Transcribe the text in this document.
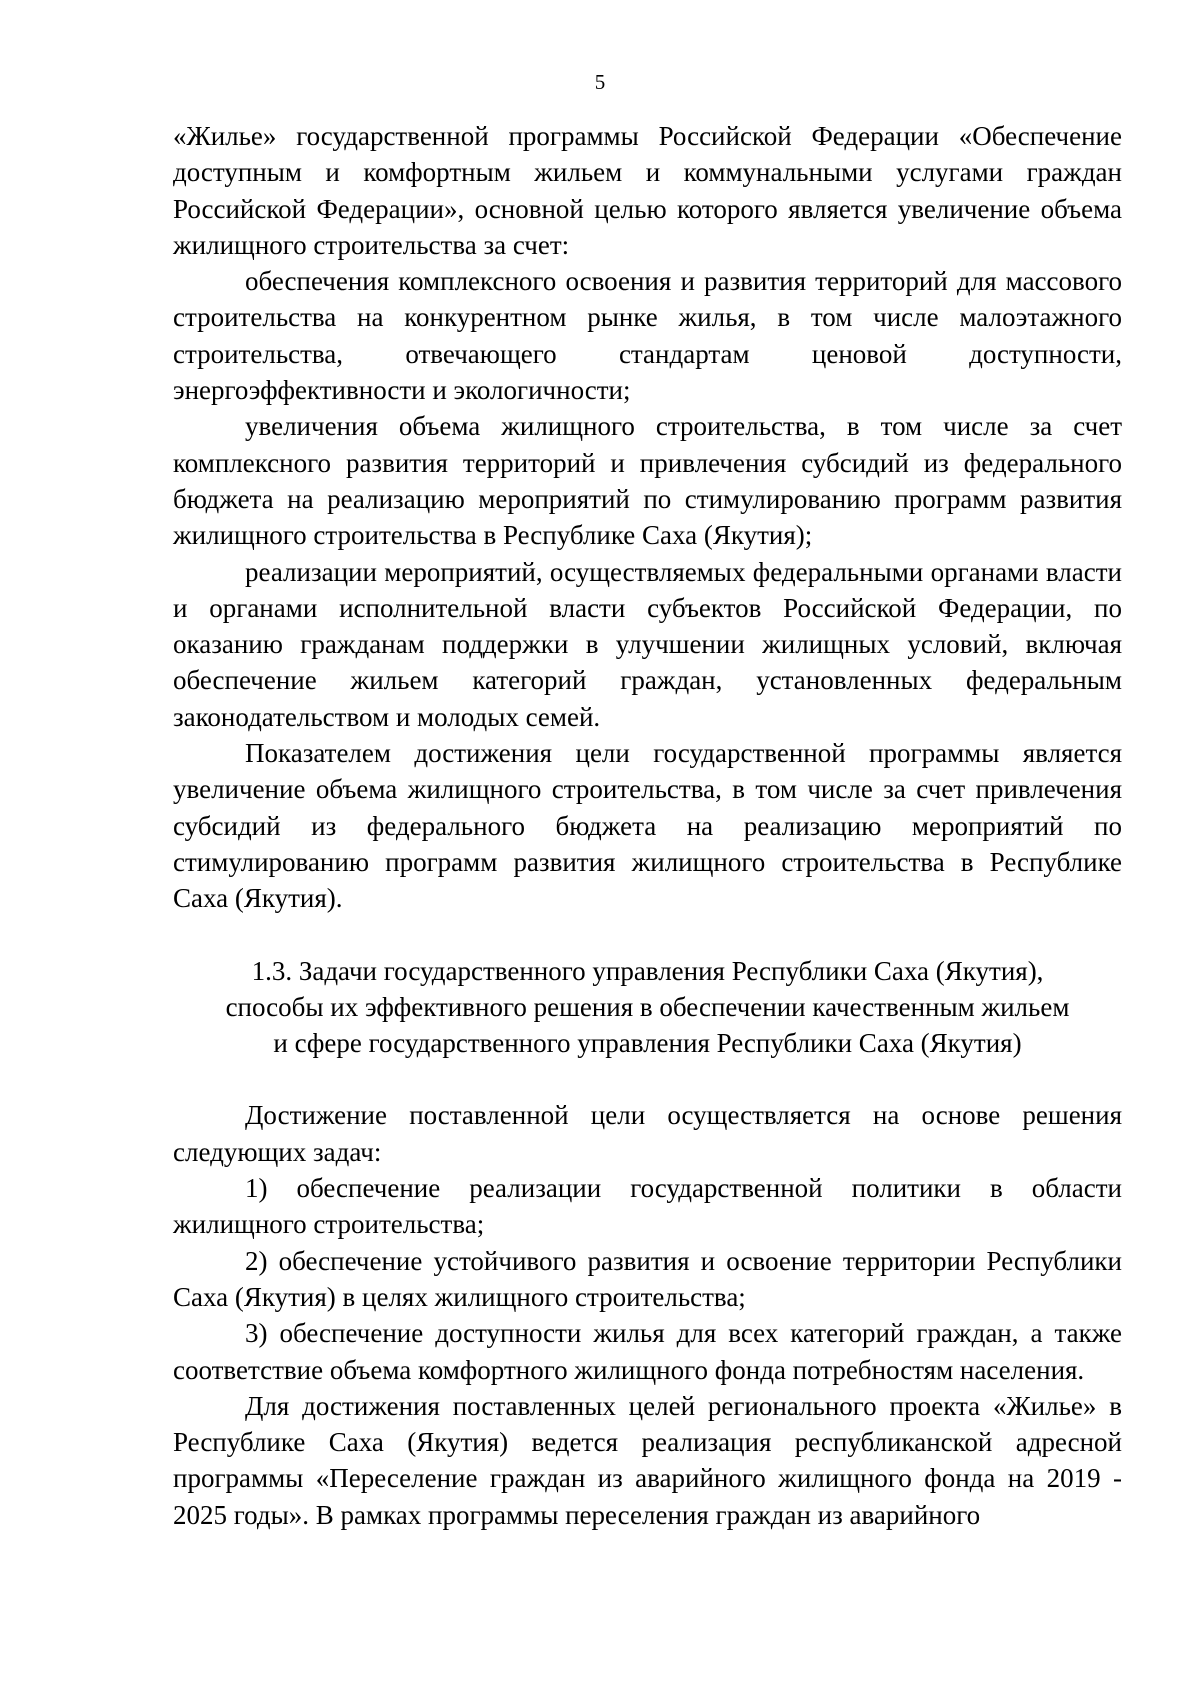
5

«Жилье» государственной программы Российской Федерации «Обеспечение доступным и комфортным жильем и коммунальными услугами граждан Российской Федерации», основной целью которого является увеличение объема жилищного строительства за счет:

обеспечения комплексного освоения и развития территорий для массового строительства на конкурентном рынке жилья, в том числе малоэтажного строительства, отвечающего стандартам ценовой доступности, энергоэффективности и экологичности;

увеличения объема жилищного строительства, в том числе за счет комплексного развития территорий и привлечения субсидий из федерального бюджета на реализацию мероприятий по стимулированию программ развития жилищного строительства в Республике Саха (Якутия);

реализации мероприятий, осуществляемых федеральными органами власти и органами исполнительной власти субъектов Российской Федерации, по оказанию гражданам поддержки в улучшении жилищных условий, включая обеспечение жильем категорий граждан, установленных федеральным законодательством и молодых семей.

Показателем достижения цели государственной программы является увеличение объема жилищного строительства, в том числе за счет привлечения субсидий из федерального бюджета на реализацию мероприятий по стимулированию программ развития жилищного строительства в Республике Саха (Якутия).

1.3. Задачи государственного управления Республики Саха (Якутия),
способы их эффективного решения в обеспечении качественным жильем
и сфере государственного управления Республики Саха (Якутия)

Достижение поставленной цели осуществляется на основе решения следующих задач:

1) обеспечение реализации государственной политики в области жилищного строительства;

2) обеспечение устойчивого развития и освоение территории Республики Саха (Якутия) в целях жилищного строительства;

3) обеспечение доступности жилья для всех категорий граждан, а также соответствие объема комфортного жилищного фонда потребностям населения.

Для достижения поставленных целей регионального проекта «Жилье» в Республике Саха (Якутия) ведется реализация республиканской адресной программы «Переселение граждан из аварийного жилищного фонда на 2019 - 2025 годы». В рамках программы переселения граждан из аварийного
